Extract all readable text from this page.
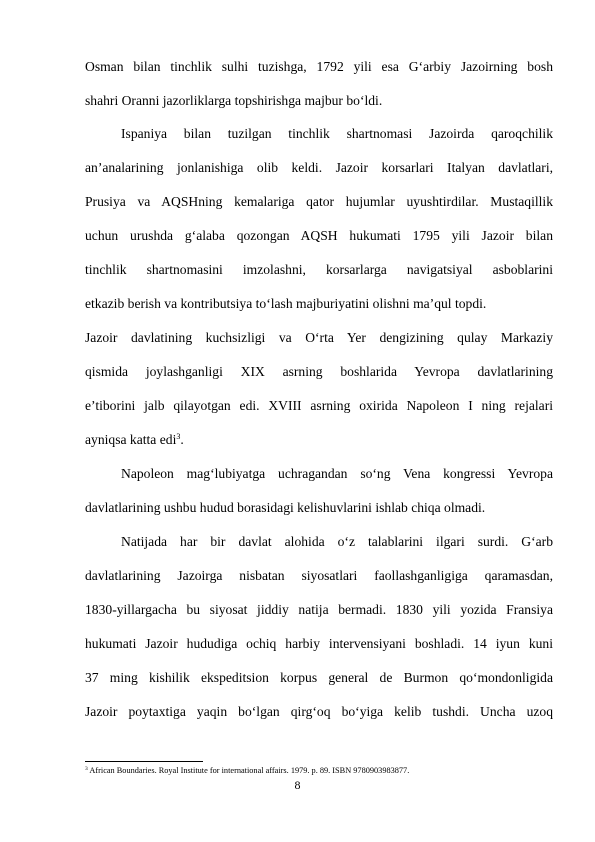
Osman bilan tinchlik sulhi tuzishga, 1792 yili esa G‘arbiy Jazoirning bosh
shahri Oranni jazorliklarga topshirishga majbur bo‘ldi.
Ispaniya bilan tuzilgan tinchlik shartnomasi Jazoirda qaroqchilik
an’analarining jonlanishiga olib keldi. Jazoir korsarlari Italyan davlatlari,
Prusiya va AQSHning kemalariga qator hujumlar uyushtirdilar. Mustaqillik
uchun urushda g‘alaba qozongan AQSH hukumati 1795 yili Jazoir bilan
tinchlik shartnomasini imzolashni, korsarlarga navigatsiyal asboblarini
etkazib berish va kontributsiya to‘lash majburiyatini olishni ma’qul topdi.
Jazoir davlatining kuchsizligi va O‘rta Yer dengizining qulay Markaziy
qismida joylashganligi XIX asrning boshlarida Yevropa davlatlarining
e’tiborini jalb qilayotgan edi. XVIII asrning oxirida Napoleon I ning rejalari
ayniqsa katta edi$^3$.
Napoleon mag‘lubiyatga uchragandan so‘ng Vena kongressi Yevropa
davlatlarining ushbu hudud borasidagi kelishuvlarini ishlab chiqa olmadi.
Natijada har bir davlat alohida o‘z talablarini ilgari surdi. G‘arb
davlatlarining Jazoirga nisbatan siyosatlari faollashganligiga qaramasdan,
1830-yillargacha bu siyosat jiddiy natija bermadi. 1830 yili yozida Fransiya
hukumati Jazoir hududiga ochiq harbiy intervensiyani boshladi. 14 iyun kuni
37 ming kishilik ekspeditsion korpus general de Burmon qo‘mondonligida
Jazoir poytaxtiga yaqin bo‘lgan qirg‘oq bo‘yiga kelib tushdi. Uncha uzoq
$^3$ African Boundaries. Royal Institute for international affairs. 1979. p. 89. ISBN 9780903983877.
8
